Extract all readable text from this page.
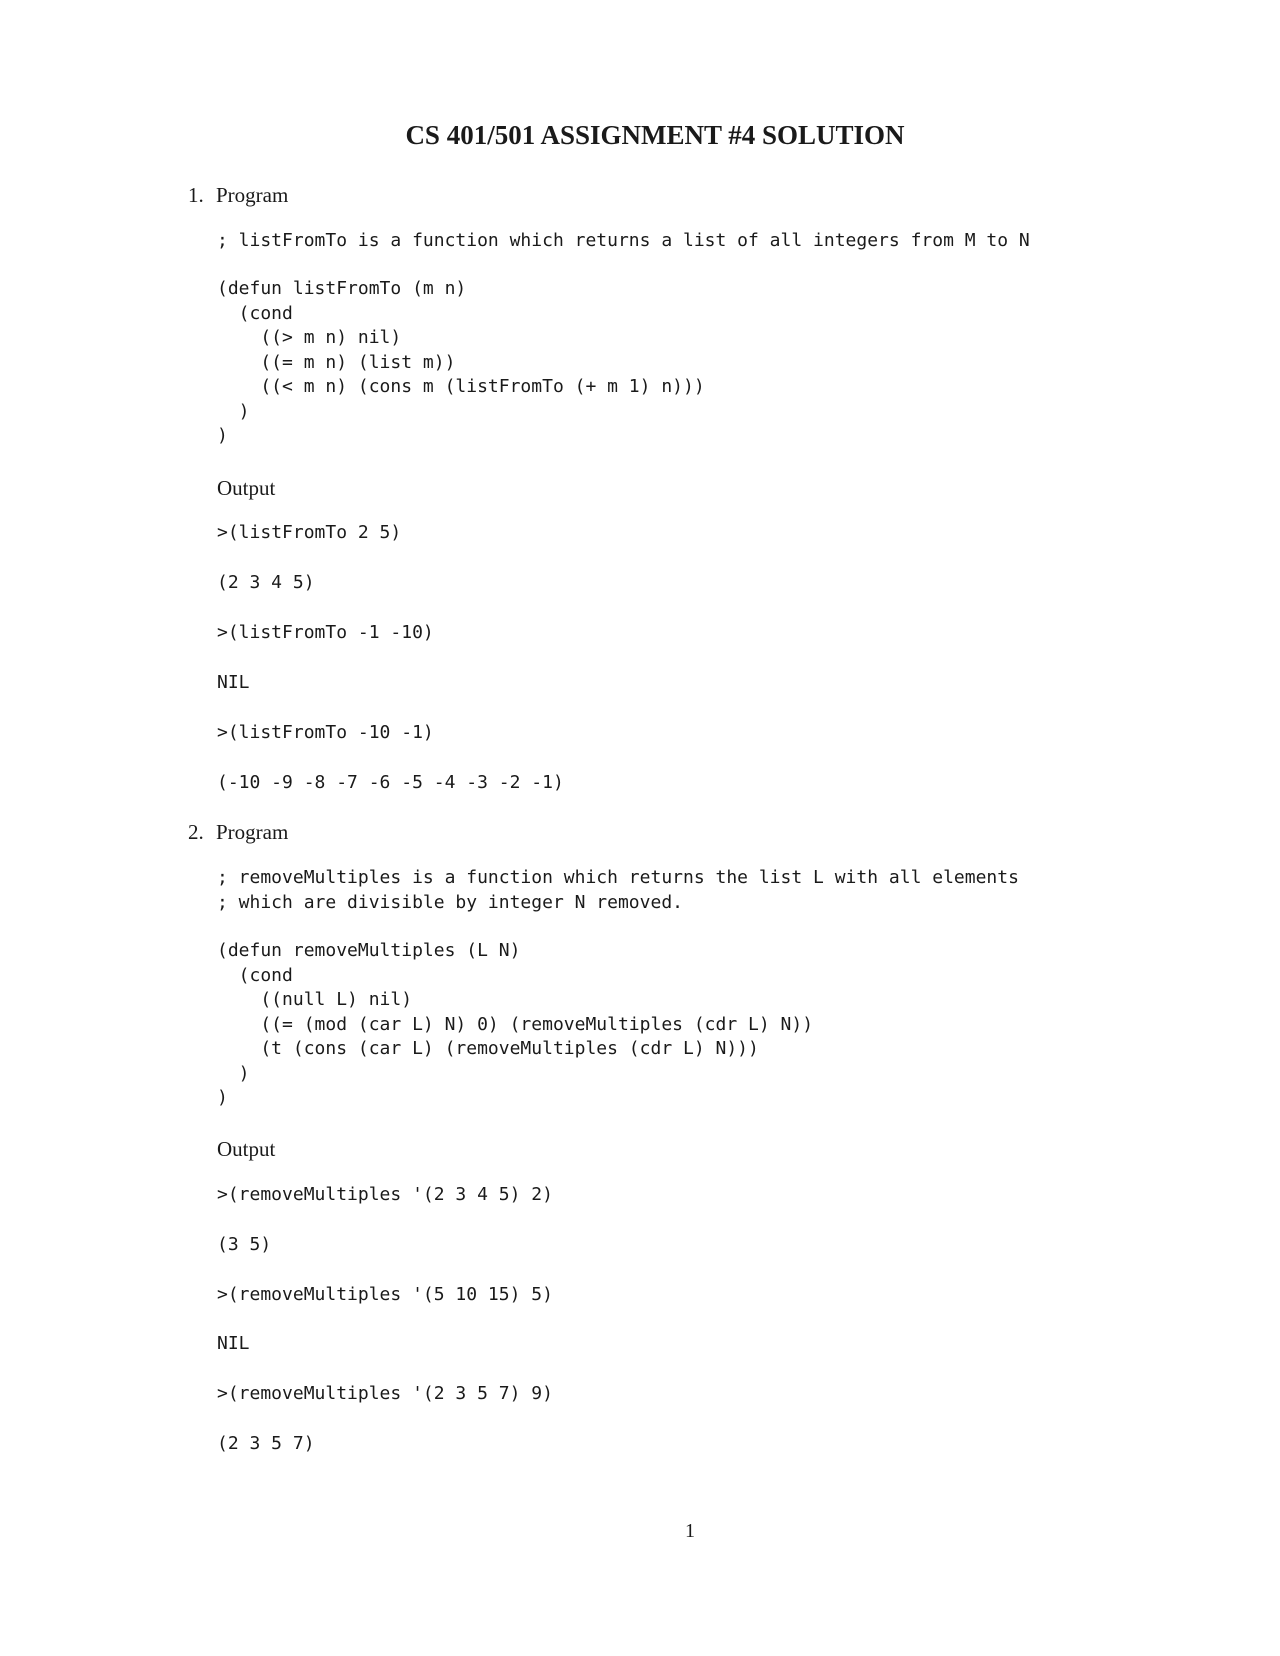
CS 401/501 ASSIGNMENT #4 SOLUTION
1. Program
; listFromTo is a function which returns a list of all integers from M to N
(defun listFromTo (m n)
(cond
((> m n) nil)
((= m n) (list m))
((< m n) (cons m (listFromTo (+ m 1) n)))
)
)
Output
>(listFromTo 2 5)
(2 3 4 5)
>(listFromTo -1 -10)
NIL
>(listFromTo -10 -1)
(-10 -9 -8 -7 -6 -5 -4 -3 -2 -1)
2. Program
; removeMultiples is a function which returns the list L with all elements
; which are divisible by integer N removed.
(defun removeMultiples (L N)
(cond
((null L) nil)
((= (mod (car L) N) 0) (removeMultiples (cdr L) N))
(t (cons (car L) (removeMultiples (cdr L) N)))
)
)
Output
>(removeMultiples '(2 3 4 5) 2)
(3 5)
>(removeMultiples '(5 10 15) 5)
NIL
>(removeMultiples '(2 3 5 7) 9)
(2 3 5 7)
1
